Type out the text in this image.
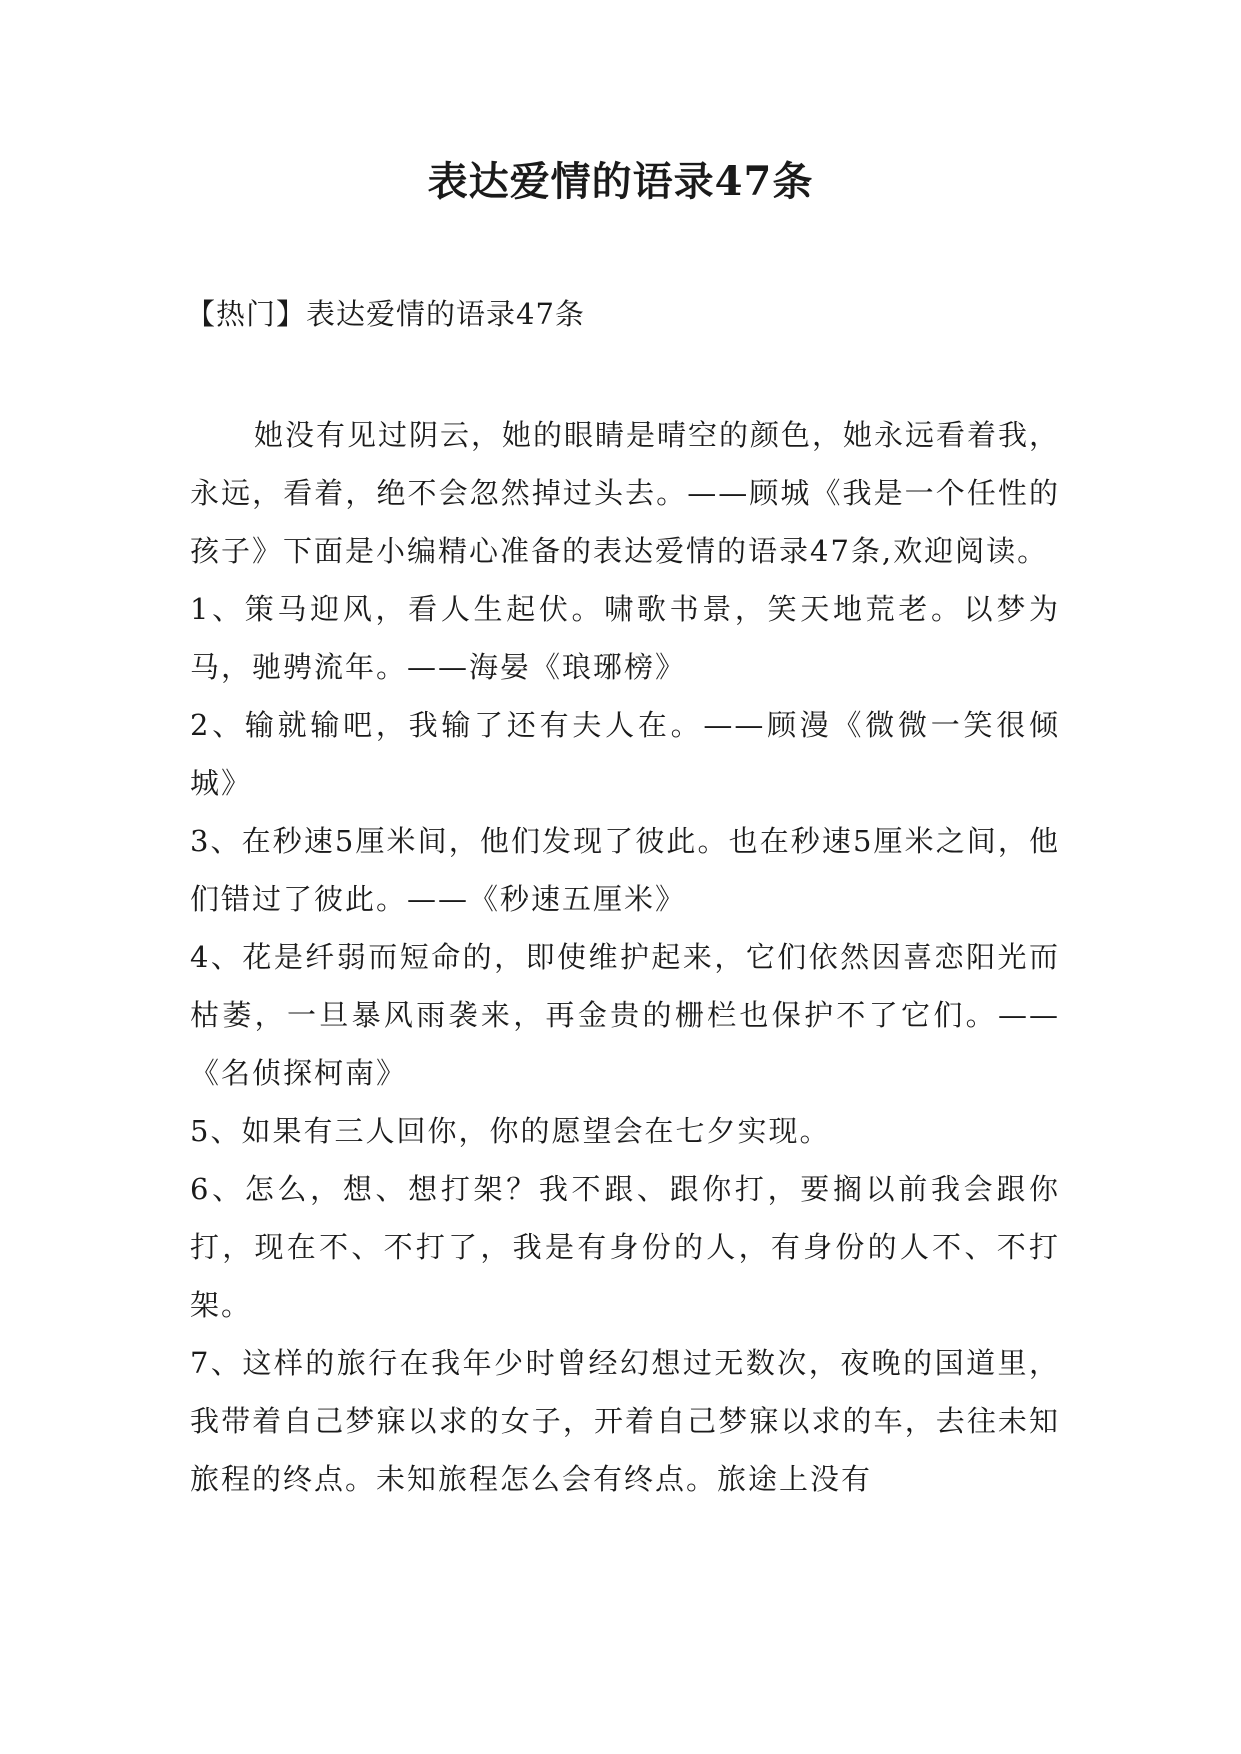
表达爱情的语录47条

【热门】表达爱情的语录47条

她没有见过阴云，她的眼睛是晴空的颜色，她永远看着我，永远，看着，绝不会忽然掉过头去。——顾城《我是一个任性的孩子》下面是小编精心准备的表达爱情的语录47条,欢迎阅读。

1、策马迎风，看人生起伏。啸歌书景，笑天地荒老。以梦为马，驰骋流年。——海晏《琅琊榜》

2、输就输吧，我输了还有夫人在。——顾漫《微微一笑很倾城》

3、在秒速5厘米间，他们发现了彼此。也在秒速5厘米之间，他们错过了彼此。——《秒速五厘米》

4、花是纤弱而短命的，即使维护起来，它们依然因喜恋阳光而枯萎，一旦暴风雨袭来，再金贵的栅栏也保护不了它们。——《名侦探柯南》

5、如果有三人回你，你的愿望会在七夕实现。

6、怎么，想、想打架？我不跟、跟你打，要搁以前我会跟你打，现在不、不打了，我是有身份的人，有身份的人不、不打架。

7、这样的旅行在我年少时曾经幻想过无数次，夜晚的国道里，我带着自己梦寐以求的女子，开着自己梦寐以求的车，去往未知旅程的终点。未知旅程怎么会有终点。旅途上没有
